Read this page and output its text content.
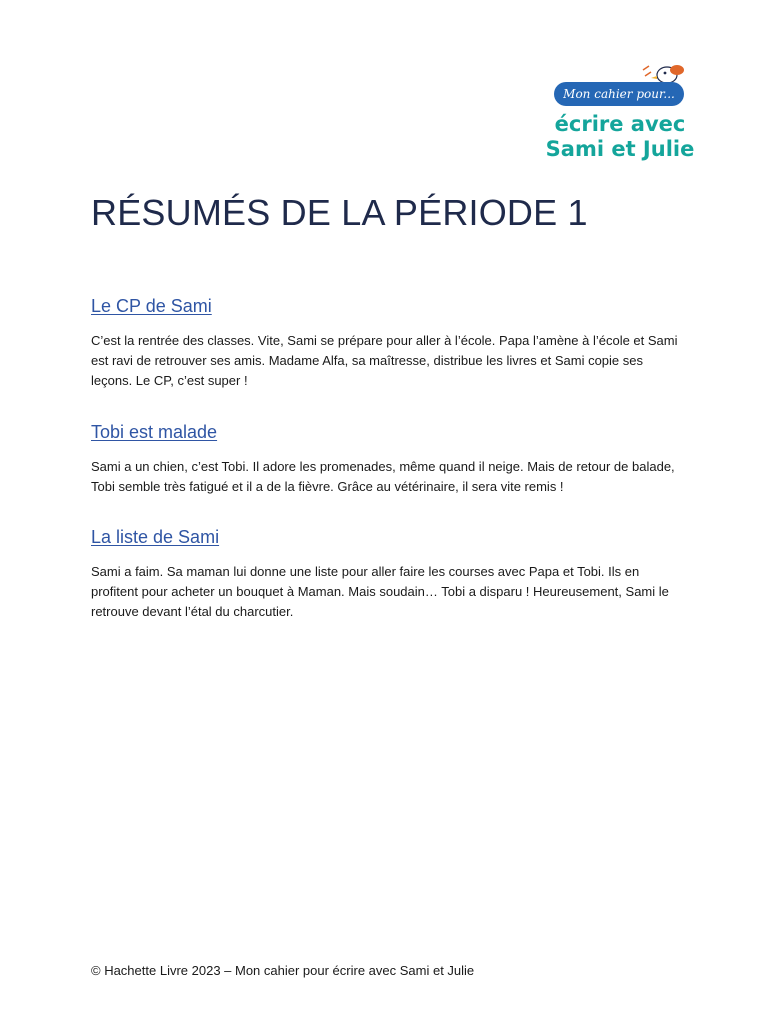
Mon cahier pour...
écrire avec
Sami et Julie
RÉSUMÉS DE LA PÉRIODE 1
Le CP de Sami

C’est la rentrée des classes. Vite, Sami se prépare pour aller à l’école. Papa l’amène à l’école et Sami est ravi de retrouver ses amis. Madame Alfa, sa maîtresse, distribue les livres et Sami copie ses leçons. Le CP, c’est super !

Tobi est malade

Sami a un chien, c’est Tobi. Il adore les promenades, même quand il neige. Mais de retour de balade, Tobi semble très fatigué et il a de la fièvre. Grâce au vétérinaire, il sera vite remis !

La liste de Sami

Sami a faim. Sa maman lui donne une liste pour aller faire les courses avec Papa et Tobi. Ils en profitent pour acheter un bouquet à Maman. Mais soudain… Tobi a disparu ! Heureusement, Sami le retrouve devant l’étal du charcutier.

© Hachette Livre 2023 – Mon cahier pour écrire avec Sami et Julie
